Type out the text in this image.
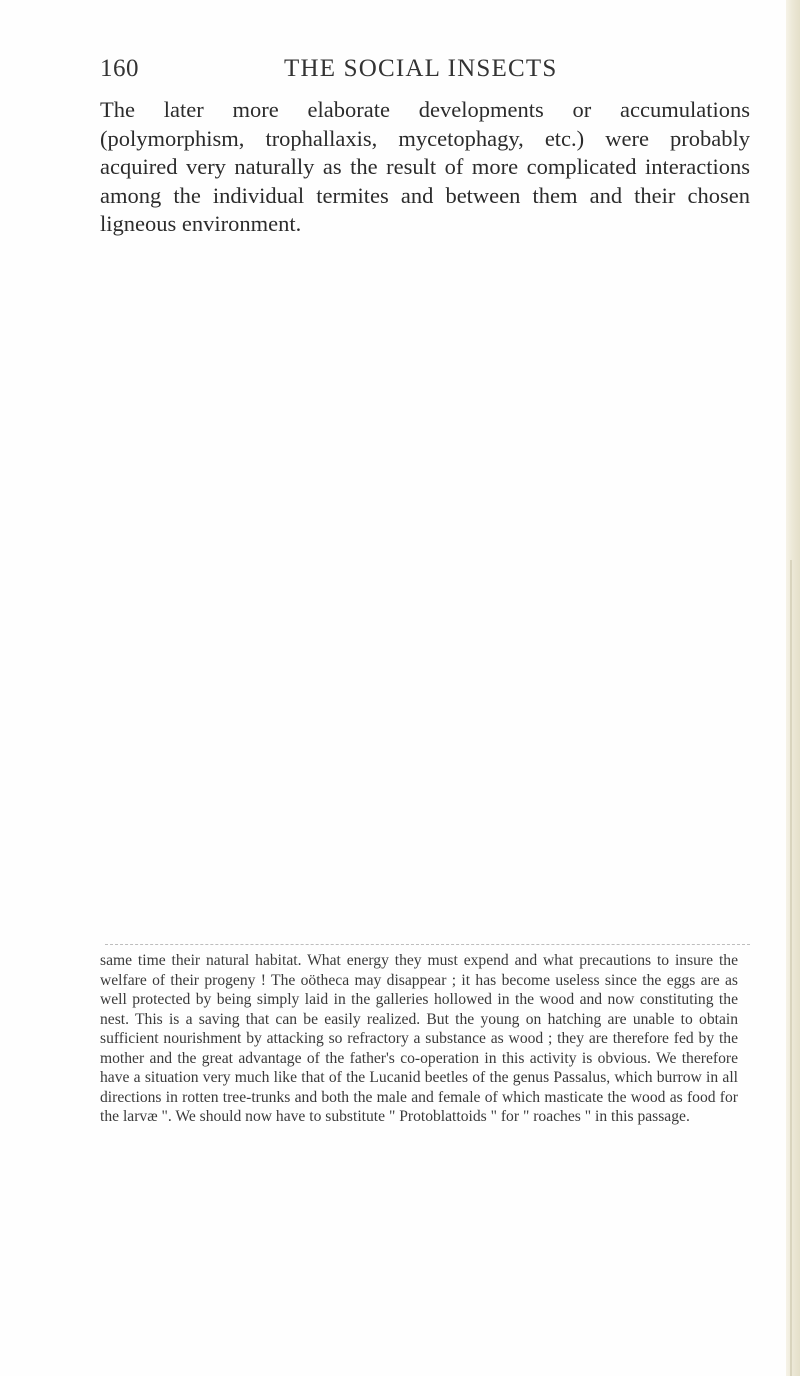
160	THE SOCIAL INSECTS

The later more elaborate developments or accumulations (polymorphism, trophallaxis, mycetophagy, etc.) were probably acquired very naturally as the result of more complicated interactions among the individual termites and between them and their chosen ligneous environment.

same time their natural habitat. What energy they must expend and what precautions to insure the welfare of their progeny ! The oötheca may disappear ; it has become useless since the eggs are as well protected by being simply laid in the galleries hollowed in the wood and now constituting the nest. This is a saving that can be easily realized. But the young on hatching are unable to obtain sufficient nourishment by attacking so refractory a substance as wood ; they are therefore fed by the mother and the great advantage of the father's co-operation in this activity is obvious. We therefore have a situation very much like that of the Lucanid beetles of the genus Passalus, which burrow in all directions in rotten tree-trunks and both the male and female of which masticate the wood as food for the larvæ ". We should now have to substitute " Protoblattoids " for " roaches " in this passage.
